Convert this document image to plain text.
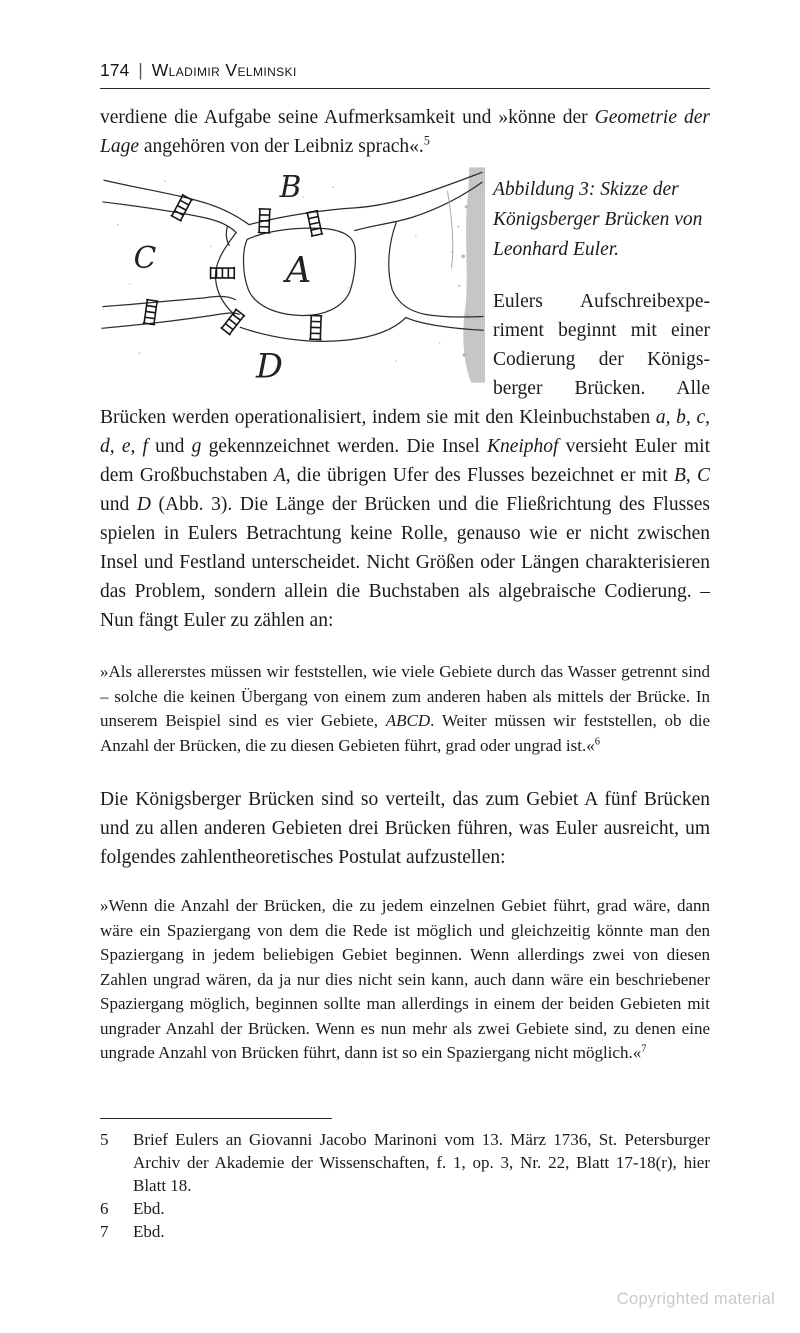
174 | Wladimir Velminski

verdiene die Aufgabe seine Aufmerksamkeit und »könne der Geometrie der Lage angehören von der Leibniz sprach«.$^5$

B
C	A
D

Abbildung 3: Skizze der Königsberger Brücken von Leonhard Euler.

Eulers Aufschreibexperiment beginnt mit einer Codierung der Königsberger Brücken. Alle Brücken werden operationalisiert, indem sie mit den Kleinbuchstaben a, b, c, d, e, f und g gekennzeichnet werden. Die Insel Kneiphof versieht Euler mit dem Großbuchstaben A, die übrigen Ufer des Flusses bezeichnet er mit B, C und D (Abb. 3). Die Länge der Brücken und die Fließrichtung des Flusses spielen in Eulers Betrachtung keine Rolle, genauso wie er nicht zwischen Insel und Festland unterscheidet. Nicht Größen oder Längen charakterisieren das Problem, sondern allein die Buchstaben als algebraische Codierung. – Nun fängt Euler zu zählen an:

»Als allererstes müssen wir feststellen, wie viele Gebiete durch das Wasser getrennt sind – solche die keinen Übergang von einem zum anderen haben als mittels der Brücke. In unserem Beispiel sind es vier Gebiete, ABCD. Weiter müssen wir feststellen, ob die Anzahl der Brücken, die zu diesen Gebieten führt, grad oder ungrad ist.«$^6$

Die Königsberger Brücken sind so verteilt, das zum Gebiet A fünf Brücken und zu allen anderen Gebieten drei Brücken führen, was Euler ausreicht, um folgendes zahlentheoretisches Postulat aufzustellen:

»Wenn die Anzahl der Brücken, die zu jedem einzelnen Gebiet führt, grad wäre, dann wäre ein Spaziergang von dem die Rede ist möglich und gleichzeitig könnte man den Spaziergang in jedem beliebigen Gebiet beginnen. Wenn allerdings zwei von diesen Zahlen ungrad wären, da ja nur dies nicht sein kann, auch dann wäre ein beschriebener Spaziergang möglich, beginnen sollte man allerdings in einem der beiden Gebieten mit ungrader Anzahl der Brücken. Wenn es nun mehr als zwei Gebiete sind, zu denen eine ungrade Anzahl von Brücken führt, dann ist so ein Spaziergang nicht möglich.«$^7$

5	Brief Eulers an Giovanni Jacobo Marinoni vom 13. März 1736, St. Petersburger Archiv der Akademie der Wissenschaften, f. 1, op. 3, Nr. 22, Blatt 17-18(r), hier Blatt 18.
6	Ebd.
7	Ebd.
Copyrighted material
